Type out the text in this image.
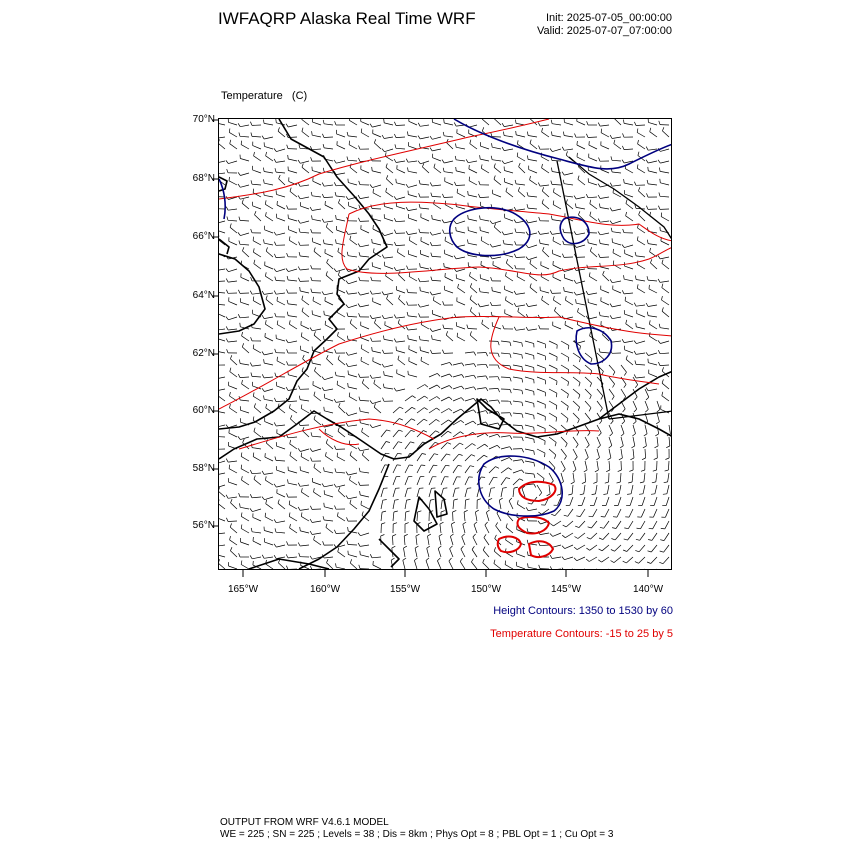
IWFAQRP Alaska Real Time WRF	Init: 2025-07-05_00:00:00
Valid: 2025-07-07_07:00:00

Temperature   (C)

70°N
68°N
66°N
64°N
62°N
60°N
58°N
56°N
165°W	160°W	155°W	150°W	145°W	140°W
Height Contours: 1350 to 1530 by 60
Temperature Contours: -15 to 25 by 5
OUTPUT FROM WRF V4.6.1 MODEL
WE = 225 ; SN = 225 ; Levels = 38 ; Dis = 8km ; Phys Opt = 8 ; PBL Opt = 1 ; Cu Opt = 3
